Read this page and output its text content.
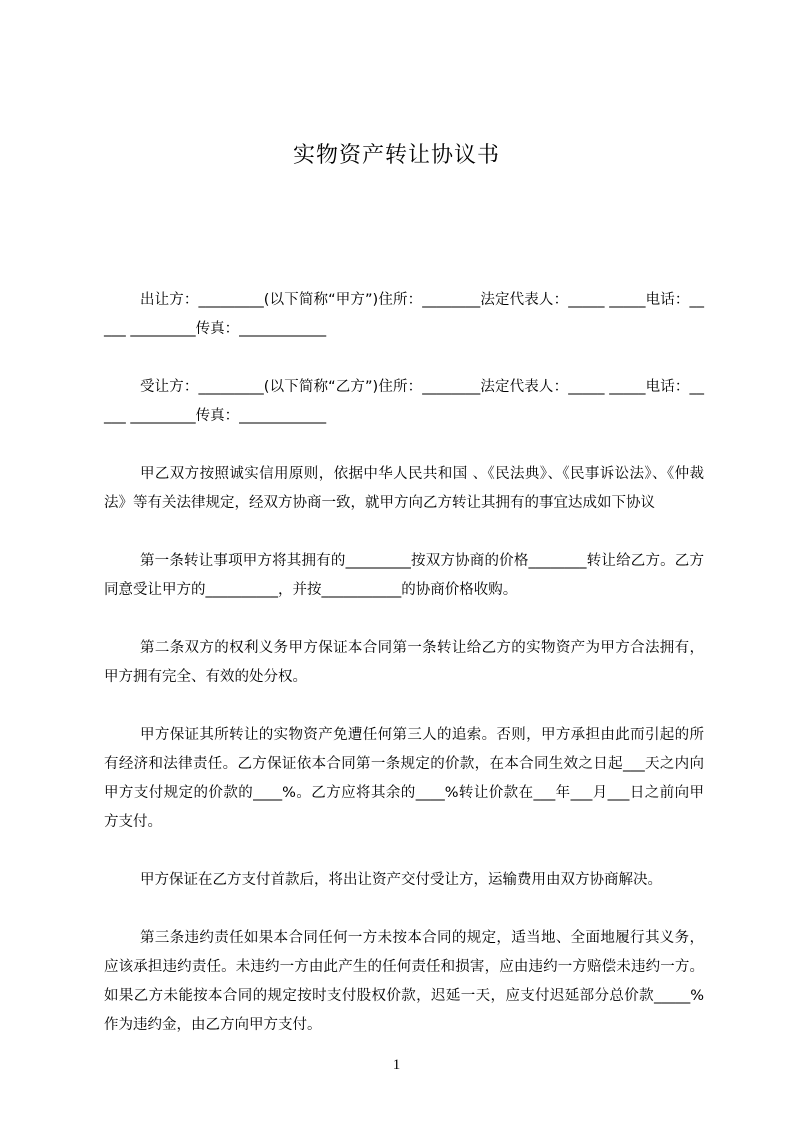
实物资产转让协议书

出让方：_________(以下简称“甲方”)住所：________法定代表人：_____ _____电话：_____ _________传真：____________

受让方：_________(以下简称“乙方”)住所：________法定代表人：_____ _____电话：_____ _________传真：____________

甲乙双方按照诚实信用原则，依据中华人民共和国 、《民法典》、《民事诉讼法》、《仲裁法》等有关法律规定，经双方协商一致，就甲方向乙方转让其拥有的事宜达成如下协议

第一条转让事项甲方将其拥有的_________按双方协商的价格________转让给乙方。乙方同意受让甲方的__________，并按___________的协商价格收购。

第二条双方的权利义务甲方保证本合同第一条转让给乙方的实物资产为甲方合法拥有，甲方拥有完全、有效的处分权。

甲方保证其所转让的实物资产免遭任何第三人的追索。否则，甲方承担由此而引起的所有经济和法律责任。乙方保证依本合同第一条规定的价款，在本合同生效之日起___天之内向甲方支付规定的价款的____%。乙方应将其余的____%转让价款在___年___月___日之前向甲方支付。

甲方保证在乙方支付首款后，将出让资产交付受让方，运输费用由双方协商解决。

第三条违约责任如果本合同任何一方未按本合同的规定，适当地、全面地履行其义务，应该承担违约责任。未违约一方由此产生的任何责任和损害，应由违约一方赔偿未违约一方。如果乙方未能按本合同的规定按时支付股权价款，迟延一天，应支付迟延部分总价款_____%作为违约金，由乙方向甲方支付。

1
